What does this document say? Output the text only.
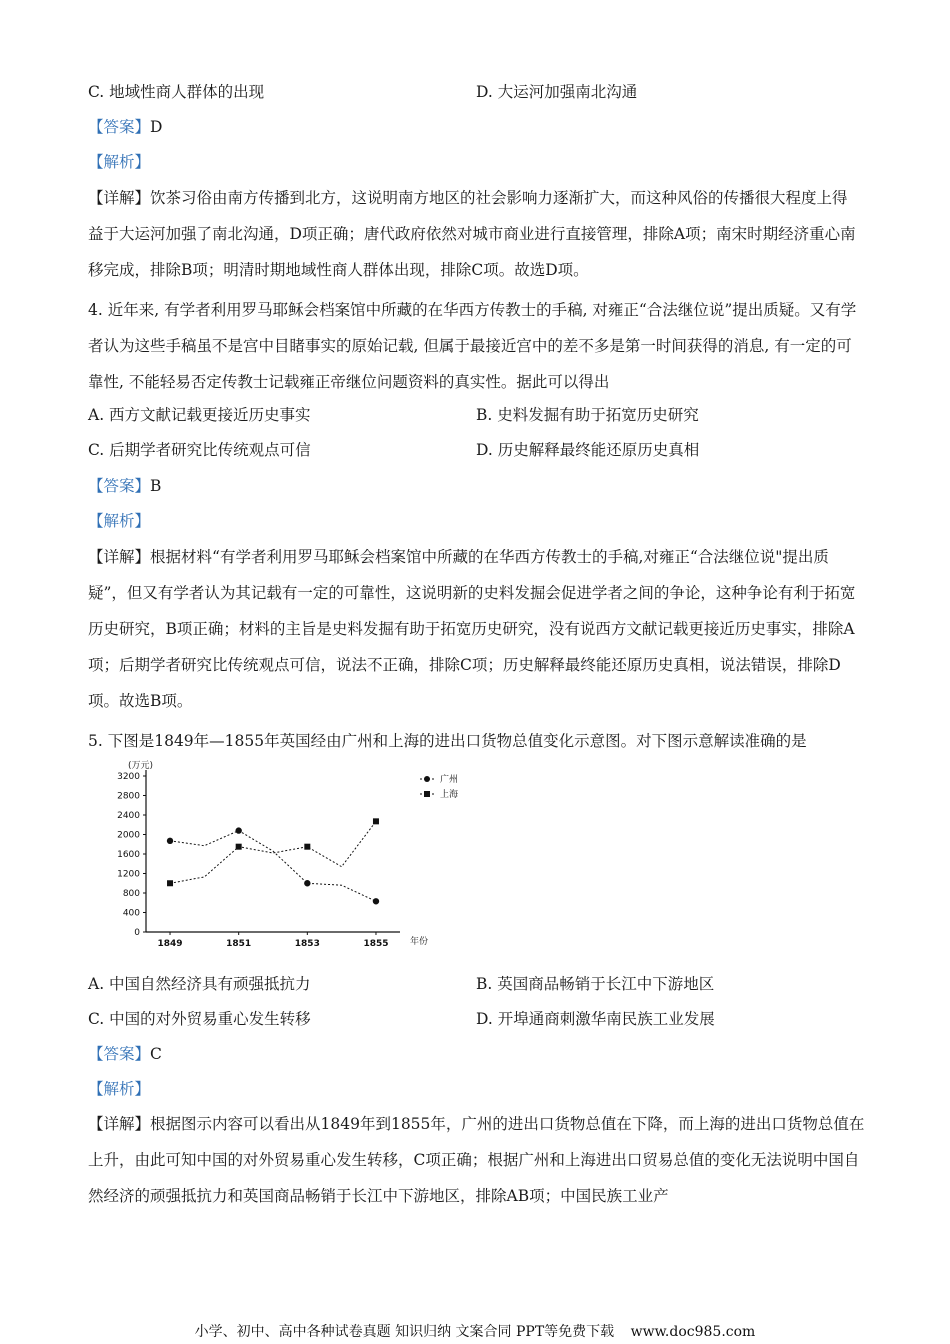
C. 地域性商人群体的出现	D. 大运河加强南北沟通
【答案】D
【解析】
【详解】饮茶习俗由南方传播到北方，这说明南方地区的社会影响力逐渐扩大，而这种风俗的传播很大程度上得益于大运河加强了南北沟通，D项正确；唐代政府依然对城市商业进行直接管理，排除A项；南宋时期经济重心南移完成，排除B项；明清时期地域性商人群体出现，排除C项。故选D项。
4. 近年来, 有学者利用罗马耶稣会档案馆中所藏的在华西方传教士的手稿, 对雍正“合法继位说”提出质疑。又有学者认为这些手稿虽不是宫中目睹事实的原始记载, 但属于最接近宫中的差不多是第一时间获得的消息, 有一定的可靠性, 不能轻易否定传教士记载雍正帝继位问题资料的真实性。据此可以得出
A. 西方文献记载更接近历史事实	B. 史料发掘有助于拓宽历史研究
C. 后期学者研究比传统观点可信	D. 历史解释最终能还原历史真相
【答案】B
【解析】
【详解】根据材料“有学者利用罗马耶稣会档案馆中所藏的在华西方传教士的手稿,对雍正“合法继位说"提出质疑”，但又有学者认为其记载有一定的可靠性，这说明新的史料发掘会促进学者之间的争论，这种争论有利于拓宽历史研究，B项正确；材料的主旨是史料发掘有助于拓宽历史研究，没有说西方文献记载更接近历史事实，排除A项；后期学者研究比传统观点可信，说法不正确，排除C项；历史解释最终能还原历史真相，说法错误，排除D项。故选B项。
5. 下图是1849年—1855年英国经由广州和上海的进出口货物总值变化示意图。对下图示意解读准确的是
(万元)
年份
0
400
800
1200
1600
2000
2400
2800
3200
1849	1851	1853	1855
广州
上海
A. 中国自然经济具有顽强抵抗力	B. 英国商品畅销于长江中下游地区
C. 中国的对外贸易重心发生转移	D. 开埠通商刺激华南民族工业发展
【答案】C
【解析】
【详解】根据图示内容可以看出从1849年到1855年，广州的进出口货物总值在下降，而上海的进出口货物总值在上升，由此可知中国的对外贸易重心发生转移，C项正确；根据广州和上海进出口贸易总值的变化无法说明中国自然经济的顽强抵抗力和英国商品畅销于长江中下游地区，排除AB项；中国民族工业产
小学、初中、高中各种试卷真题 知识归纳 文案合同 PPT等免费下载 www.doc985.com
